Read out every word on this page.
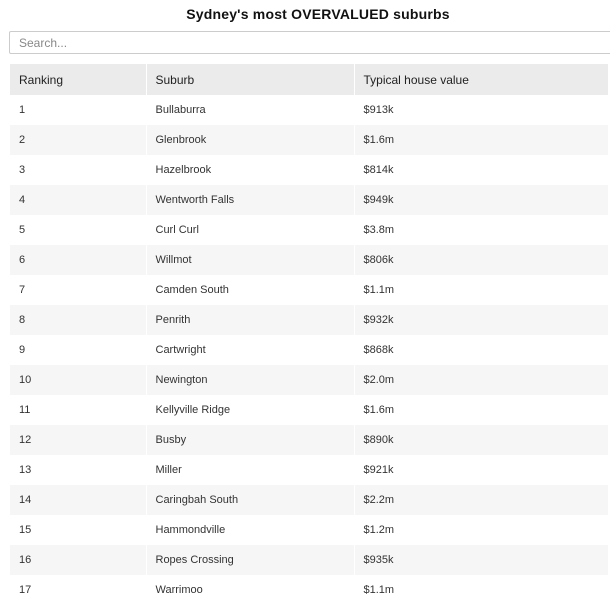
Sydney's most OVERVALUED suburbs
Search...
Ranking	Suburb	Typical house value
1	Bullaburra	$913k
2	Glenbrook	$1.6m
3	Hazelbrook	$814k
4	Wentworth Falls	$949k
5	Curl Curl	$3.8m
6	Willmot	$806k
7	Camden South	$1.1m
8	Penrith	$932k
9	Cartwright	$868k
10	Newington	$2.0m
11	Kellyville Ridge	$1.6m
12	Busby	$890k
13	Miller	$921k
14	Caringbah South	$2.2m
15	Hammondville	$1.2m
16	Ropes Crossing	$935k
17	Warrimoo	$1.1m
